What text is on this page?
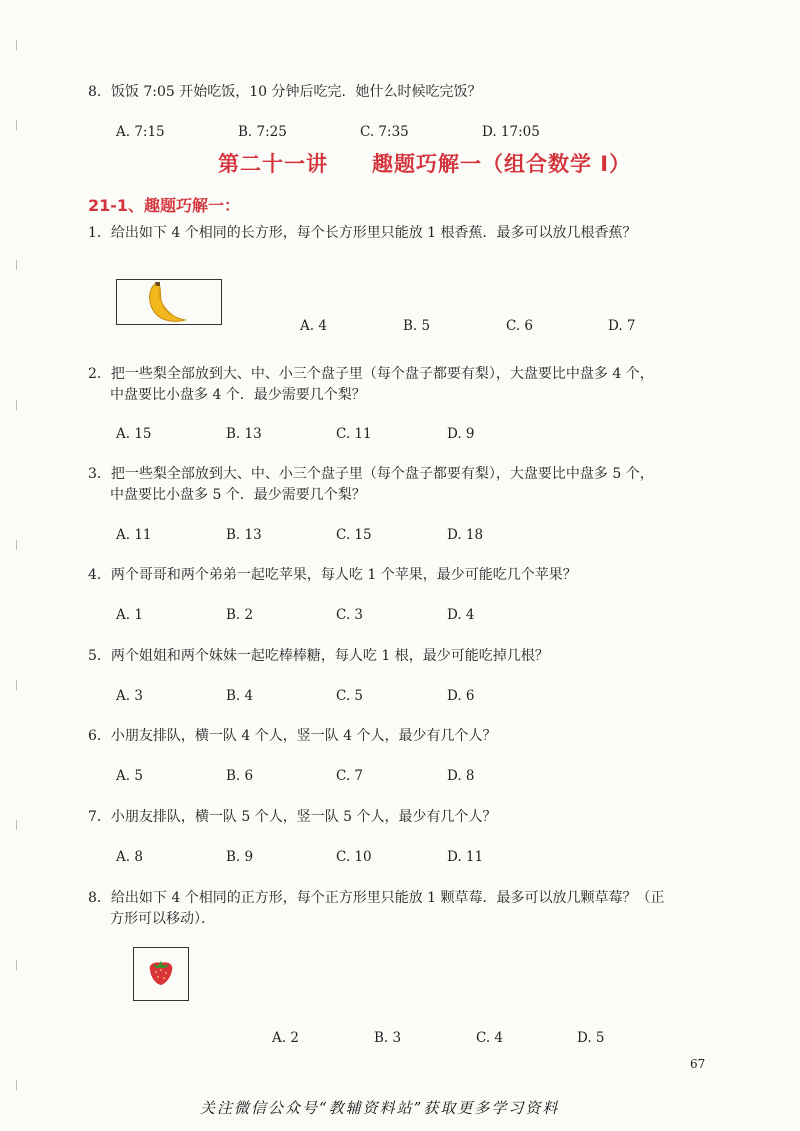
8．饭饭 7:05 开始吃饭，10 分钟后吃完．她什么时候吃完饭？
A. 7:15	B. 7:25	C. 7:35	D. 17:05
第二十一讲　　趣题巧解一（组合数学 I）
21-1、趣题巧解一：
1．给出如下 4 个相同的长方形，每个长方形里只能放 1 根香蕉．最多可以放几根香蕉？
A. 4	B. 5	C. 6	D. 7
2．把一些梨全部放到大、中、小三个盘子里（每个盘子都要有梨），大盘要比中盘多 4 个，
中盘要比小盘多 4 个．最少需要几个梨？
A. 15	B. 13	C. 11	D. 9
3．把一些梨全部放到大、中、小三个盘子里（每个盘子都要有梨），大盘要比中盘多 5 个，
中盘要比小盘多 5 个．最少需要几个梨？
A. 11	B. 13	C. 15	D. 18
4．两个哥哥和两个弟弟一起吃苹果，每人吃 1 个苹果，最少可能吃几个苹果？
A. 1	B. 2	C. 3	D. 4
5．两个姐姐和两个妹妹一起吃棒棒糖，每人吃 1 根，最少可能吃掉几根？
A. 3	B. 4	C. 5	D. 6
6．小朋友排队，横一队 4 个人，竖一队 4 个人，最少有几个人？
A. 5	B. 6	C. 7	D. 8
7．小朋友排队，横一队 5 个人，竖一队 5 个人，最少有几个人？
A. 8	B. 9	C. 10	D. 11
8．给出如下 4 个相同的正方形，每个正方形里只能放 1 颗草莓．最多可以放几颗草莓？（正
方形可以移动）．
A. 2	B. 3	C. 4	D. 5
67
关注微信公众号“教辅资料站”获取更多学习资料
